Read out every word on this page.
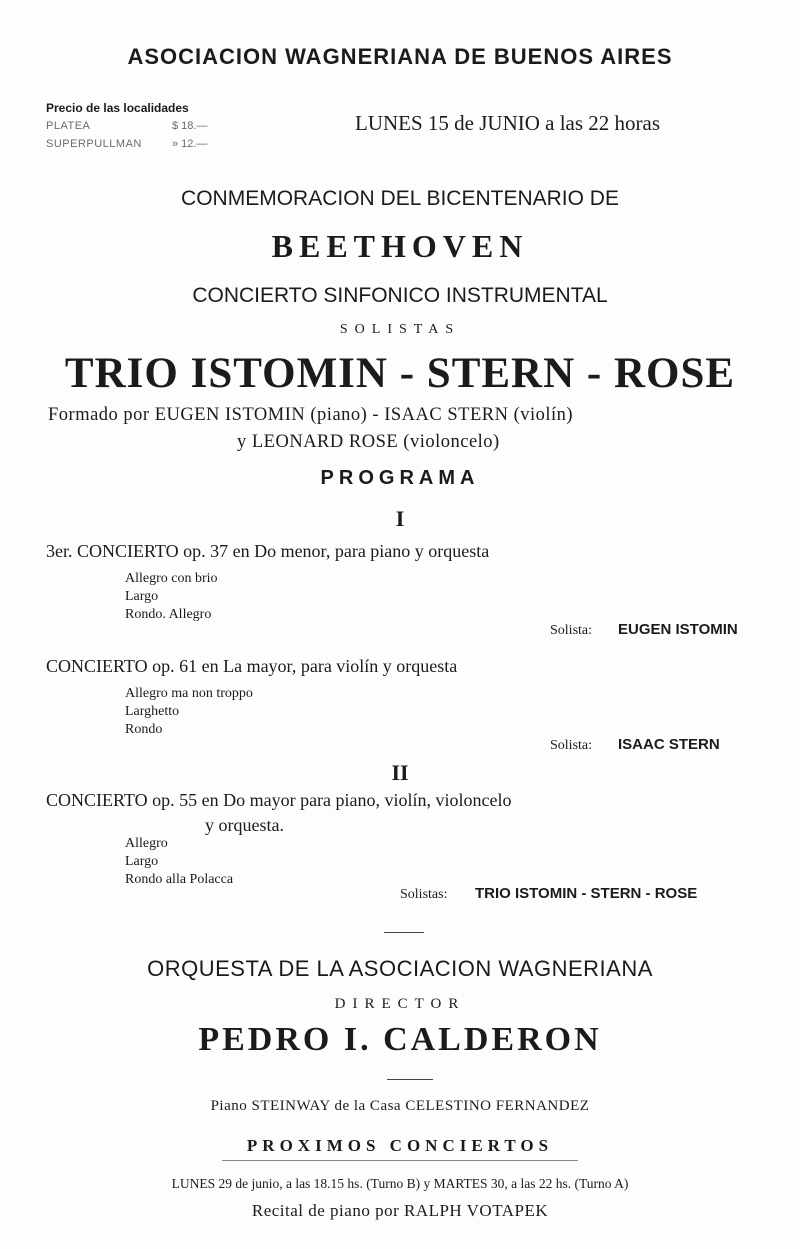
ASOCIACION WAGNERIANA DE BUENOS AIRES
Precio de las localidades
PLATEA	$ 18.—
SUPERPULLMAN	» 12.—
LUNES 15 de JUNIO a las 22 horas
CONMEMORACION DEL BICENTENARIO DE
BEETHOVEN
CONCIERTO SINFONICO INSTRUMENTAL
SOLISTAS
TRIO ISTOMIN - STERN - ROSE
Formado por EUGEN ISTOMIN (piano) - ISAAC STERN (violín)
y LEONARD ROSE (violoncelo)
PROGRAMA
I
3er. CONCIERTO op. 37 en Do menor, para piano y orquesta
Allegro con brio
Largo
Rondo. Allegro
Solista: EUGEN ISTOMIN
CONCIERTO op. 61 en La mayor, para violín y orquesta
Allegro ma non troppo
Larghetto
Rondo
Solista: ISAAC STERN
II
CONCIERTO op. 55 en Do mayor para piano, violín, violoncelo
y orquesta.
Allegro
Largo
Rondo alla Polacca
Solistas: TRIO ISTOMIN - STERN - ROSE
ORQUESTA DE LA ASOCIACION WAGNERIANA
DIRECTOR
PEDRO I. CALDERON
Piano STEINWAY de la Casa CELESTINO FERNANDEZ
PROXIMOS CONCIERTOS
LUNES 29 de junio, a las 18.15 hs. (Turno B) y MARTES 30, a las 22 hs. (Turno A)
Recital de piano por RALPH VOTAPEK
